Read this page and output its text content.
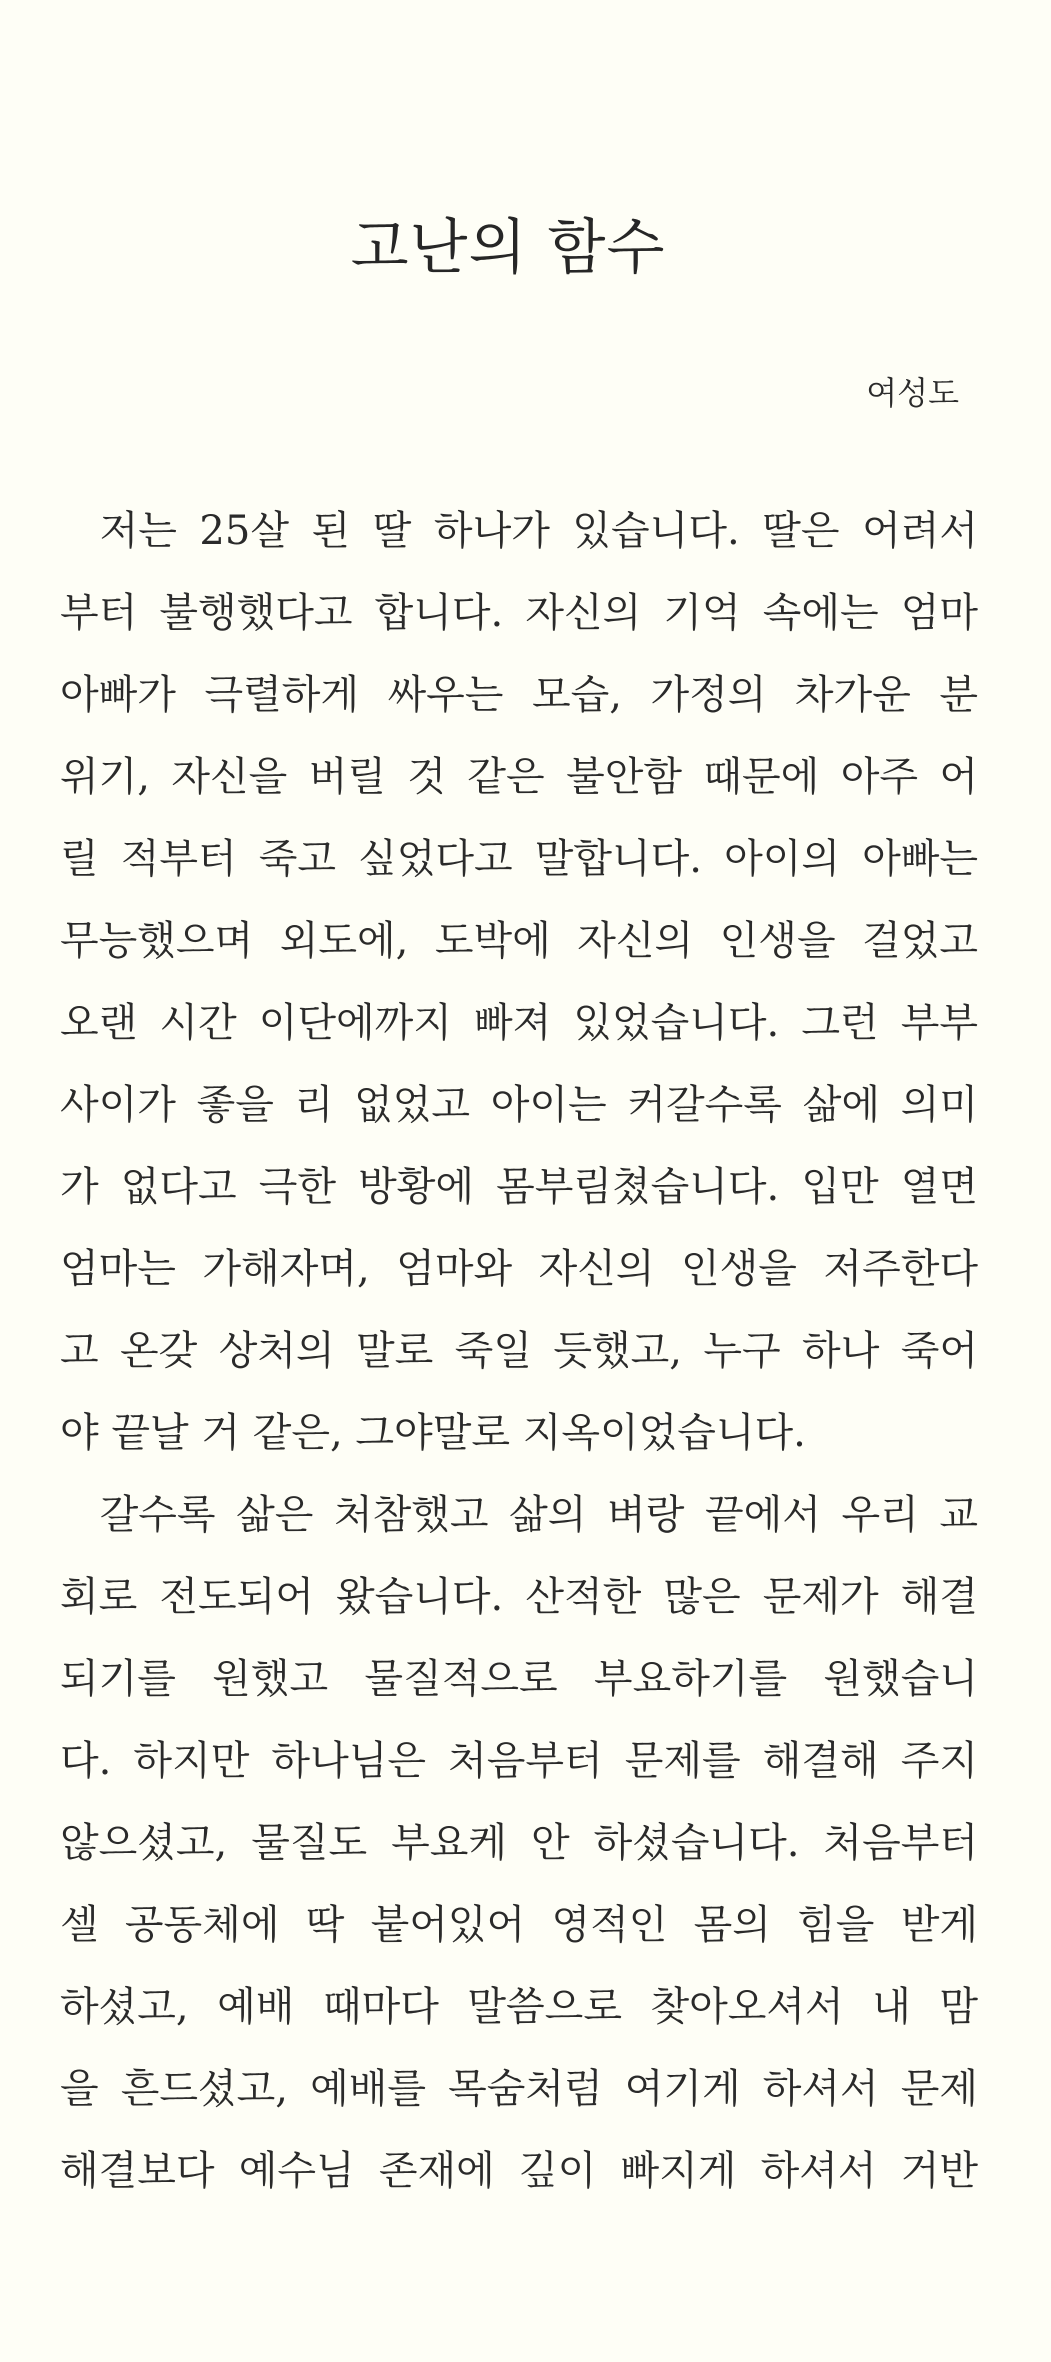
고난의 함수

여성도

저는 25살 된 딸 하나가 있습니다. 딸은 어려서
부터 불행했다고 합니다. 자신의 기억 속에는 엄마
아빠가 극렬하게 싸우는 모습, 가정의 차가운 분
위기, 자신을 버릴 것 같은 불안함 때문에 아주 어
릴 적부터 죽고 싶었다고 말합니다. 아이의 아빠는
무능했으며 외도에, 도박에 자신의 인생을 걸었고
오랜 시간 이단에까지 빠져 있었습니다. 그런 부부
사이가 좋을 리 없었고 아이는 커갈수록 삶에 의미
가 없다고 극한 방황에 몸부림쳤습니다. 입만 열면
엄마는 가해자며, 엄마와 자신의 인생을 저주한다
고 온갖 상처의 말로 죽일 듯했고, 누구 하나 죽어
야 끝날 거 같은, 그야말로 지옥이었습니다.
갈수록 삶은 처참했고 삶의 벼랑 끝에서 우리 교
회로 전도되어 왔습니다. 산적한 많은 문제가 해결
되기를 원했고 물질적으로 부요하기를 원했습니
다. 하지만 하나님은 처음부터 문제를 해결해 주지
않으셨고, 물질도 부요케 안 하셨습니다. 처음부터
셀 공동체에 딱 붙어있어 영적인 몸의 힘을 받게
하셨고, 예배 때마다 말씀으로 찾아오셔서 내 맘
을 흔드셨고, 예배를 목숨처럼 여기게 하셔서 문제
해결보다 예수님 존재에 깊이 빠지게 하셔서 거반
